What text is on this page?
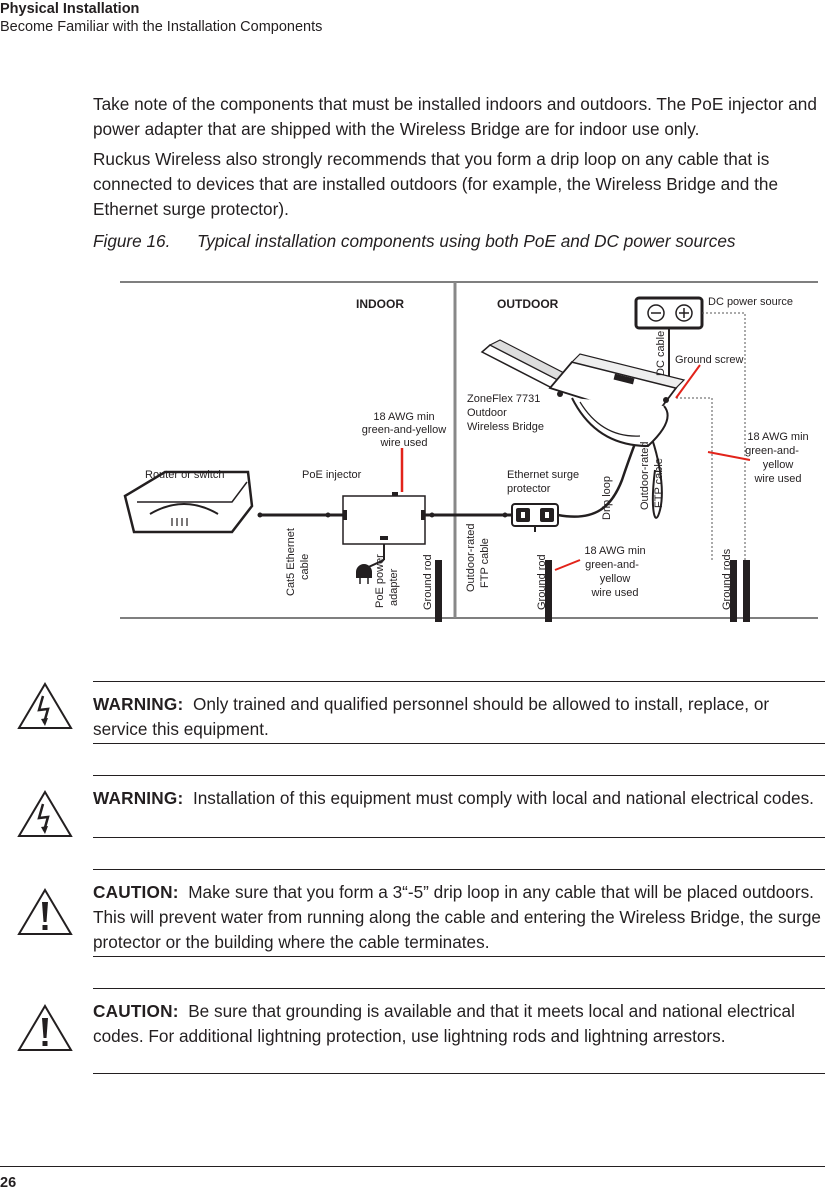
Physical Installation
Become Familiar with the Installation Components

Take note of the components that must be installed indoors and outdoors. The PoE injector and power adapter that are shipped with the Wireless Bridge are for indoor use only.

Ruckus Wireless also strongly recommends that you form a drip loop on any cable that is connected to devices that are installed outdoors (for example, the Wireless Bridge and the Ethernet surge protector).

Figure 16. Typical installation components using both PoE and DC power sources
INDOOR	OUTDOOR
Router or switch	PoE injector
DC power source
ZoneFlex 7731
Outdoor
Wireless Bridge
Ground screw
DC cable
18 AWG min
green-and-yellow
wire used	18 AWG min
green-and-
yellow
wire used
18 AWG min
green-and-
yellow
wire used
Ethernet surge
protector	Drip loop Outdoor-rated FTP cable
Outdoor-rated FTP cable
Cat5 Ethernet cable	PoE power adapter Ground rod	Ground rod	Ground rods
WARNING: Only trained and qualified personnel should be allowed to install, replace, or service this equipment.
WARNING: Installation of this equipment must comply with local and national electrical codes.
CAUTION: Make sure that you form a 3“-5” drip loop in any cable that will be placed outdoors. This will prevent water from running along the cable and entering the Wireless Bridge, the surge protector or the building where the cable terminates.
CAUTION: Be sure that grounding is available and that it meets local and national electrical codes. For additional lightning protection, use lightning rods and lightning arrestors.
26
